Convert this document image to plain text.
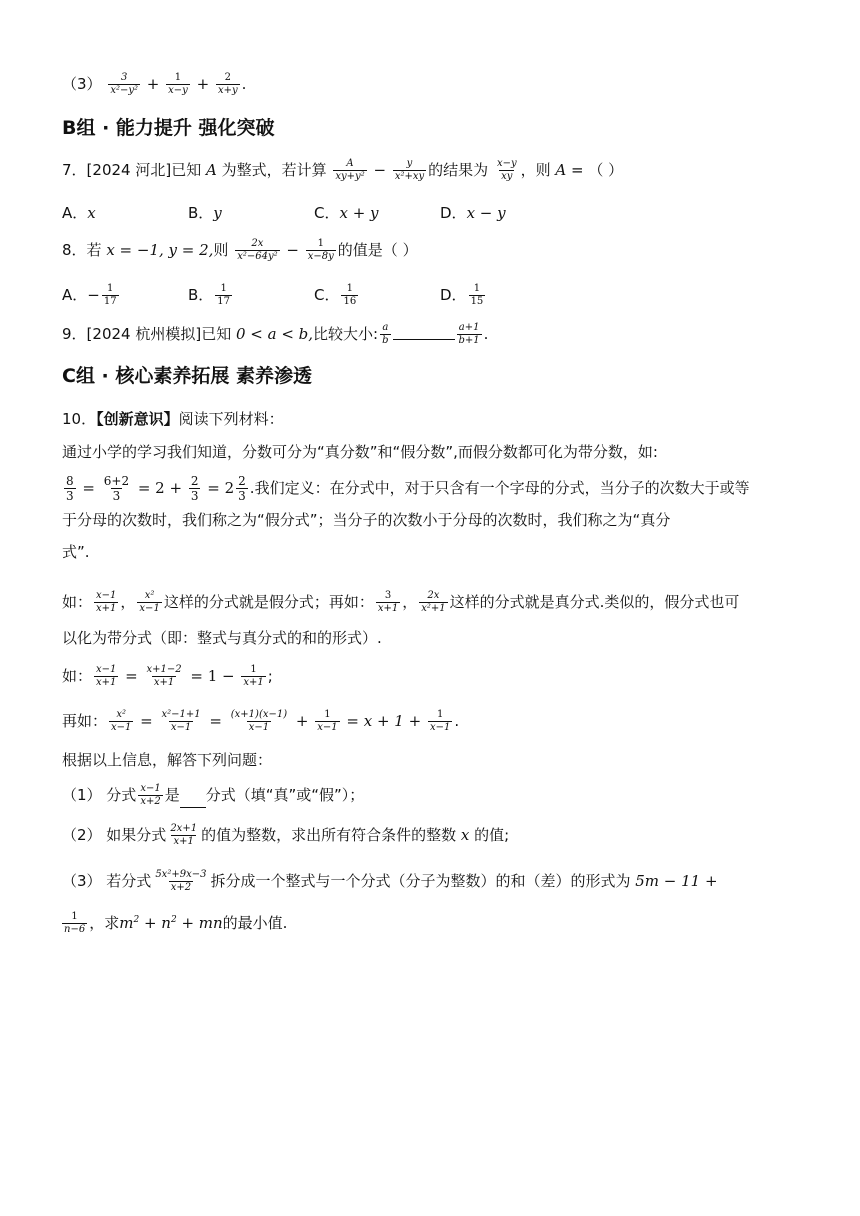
$(3) \frac{3}{\text{x²−y²}} + \frac{1}{x-y} + \frac{2}{x+y}$ .
B组 · 能力提升 强化突破
7．[2024 河北]已知 A 为整式，若计算 $\frac{A}{\text{xy+y²}} - \frac{y}{\text{x²+xy}}$ 的结果为 $\frac{x-y}{xy}$ ，则 A = （ ）
A．x	B．y	C．x + y	D．x − y
8．若 x = −1, y = 2,则 $\frac{2x}{\text{x²−64y²}} - \frac{1}{x-8y}$ 的值是（ ）
A．− $\frac{1}{17}$	B． $\frac{1}{17}$	C． $\frac{1}{16}$	D． $\frac{1}{15}$
9．[2024 杭州模拟]已知 0 < a < b,比较大小: $\frac{a}{b}$	$\frac{a+1}{b+1}$ .
C组 · 核心素养拓展 素养渗透
10．【创新意识】阅读下列材料：
通过小学的学习我们知道，分数可分为“真分数”和“假分数”,而假分数都可化为带分数，如:
$\frac{8}{3} = \frac{6+2}{3} = 2 + \frac{2}{3} = 2 \frac{2}{3}$ .我们定义：在分式中，对于只含有一个字母的分式，当分子的次数大于或等
于分母的次数时，我们称之为“假分式”；当分子的次数小于分母的次数时，我们称之为“真分
式”.
如： $\frac{x-1}{x+1}$ ， $\frac{\text{x²}}{x-1}$ 这样的分式就是假分式；再如： $\frac{3}{x+1}$ ， $\frac{2x}{\text{x²+1}}$ 这样的分式就是真分式.类似的，假分式也可
以化为带分式（即：整式与真分式的和的形式）.
如： $\frac{x-1}{x+1} = \frac{x+1-2}{x+1} = 1 - \frac{1}{x+1}$ ;
再如： $\frac{\text{x²}}{x-1} = \frac{\text{x²−1+1}}{x-1} = \frac{(x+1)(x-1)}{x-1} + \frac{1}{x-1} = x + 1 + \frac{1}{x-1}$ .
根据以上信息，解答下列问题：
（1） 分式 $\frac{x-1}{x+2}$ 是 分式（填“真”或“假”）；
（2） 如果分式 $\frac{2x+1}{x+1}$ 的值为整数，求出所有符合条件的整数 x 的值;
（3） 若分式 $\frac{\text{5x²+9x−3}}{x+2}$ 拆分成一个整式与一个分式（分子为整数）的和（差）的形式为 5m − 11 +
$\frac{1}{n-6}$ ，求$m^2 + n^2$ + mn的最小值.
